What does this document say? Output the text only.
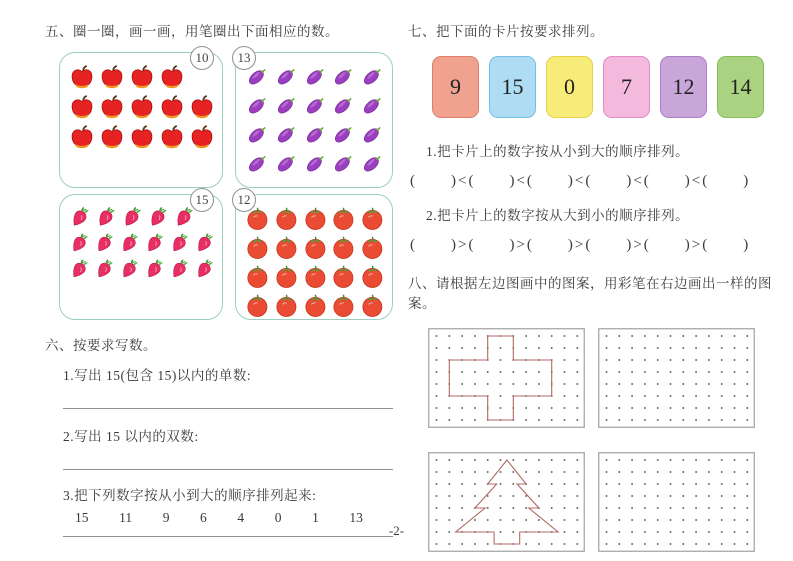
五、圈一圈，画一画，用笔圈出下面相应的数。
10	13
15	12
六、按要求写数。
1.写出 15(包含 15)以内的单数:
2.写出 15 以内的双数:
3.把下列数字按从小到大的顺序排列起来:
15 11 9 6 4 0 1 13
七、把下面的卡片按要求排列。
9	15	0	7	12	14
1.把卡片上的数字按从小到大的顺序排列。
(　　)<(　　)<(　　)<(　　)<(　　)<(　　)
2.把卡片上的数字按从大到小的顺序排列。
(　　)>(　　)>(　　)>(　　)>(　　)>(　　)
八、请根据左边图画中的图案，用彩笔在右边画出一样的图案。
-2-
